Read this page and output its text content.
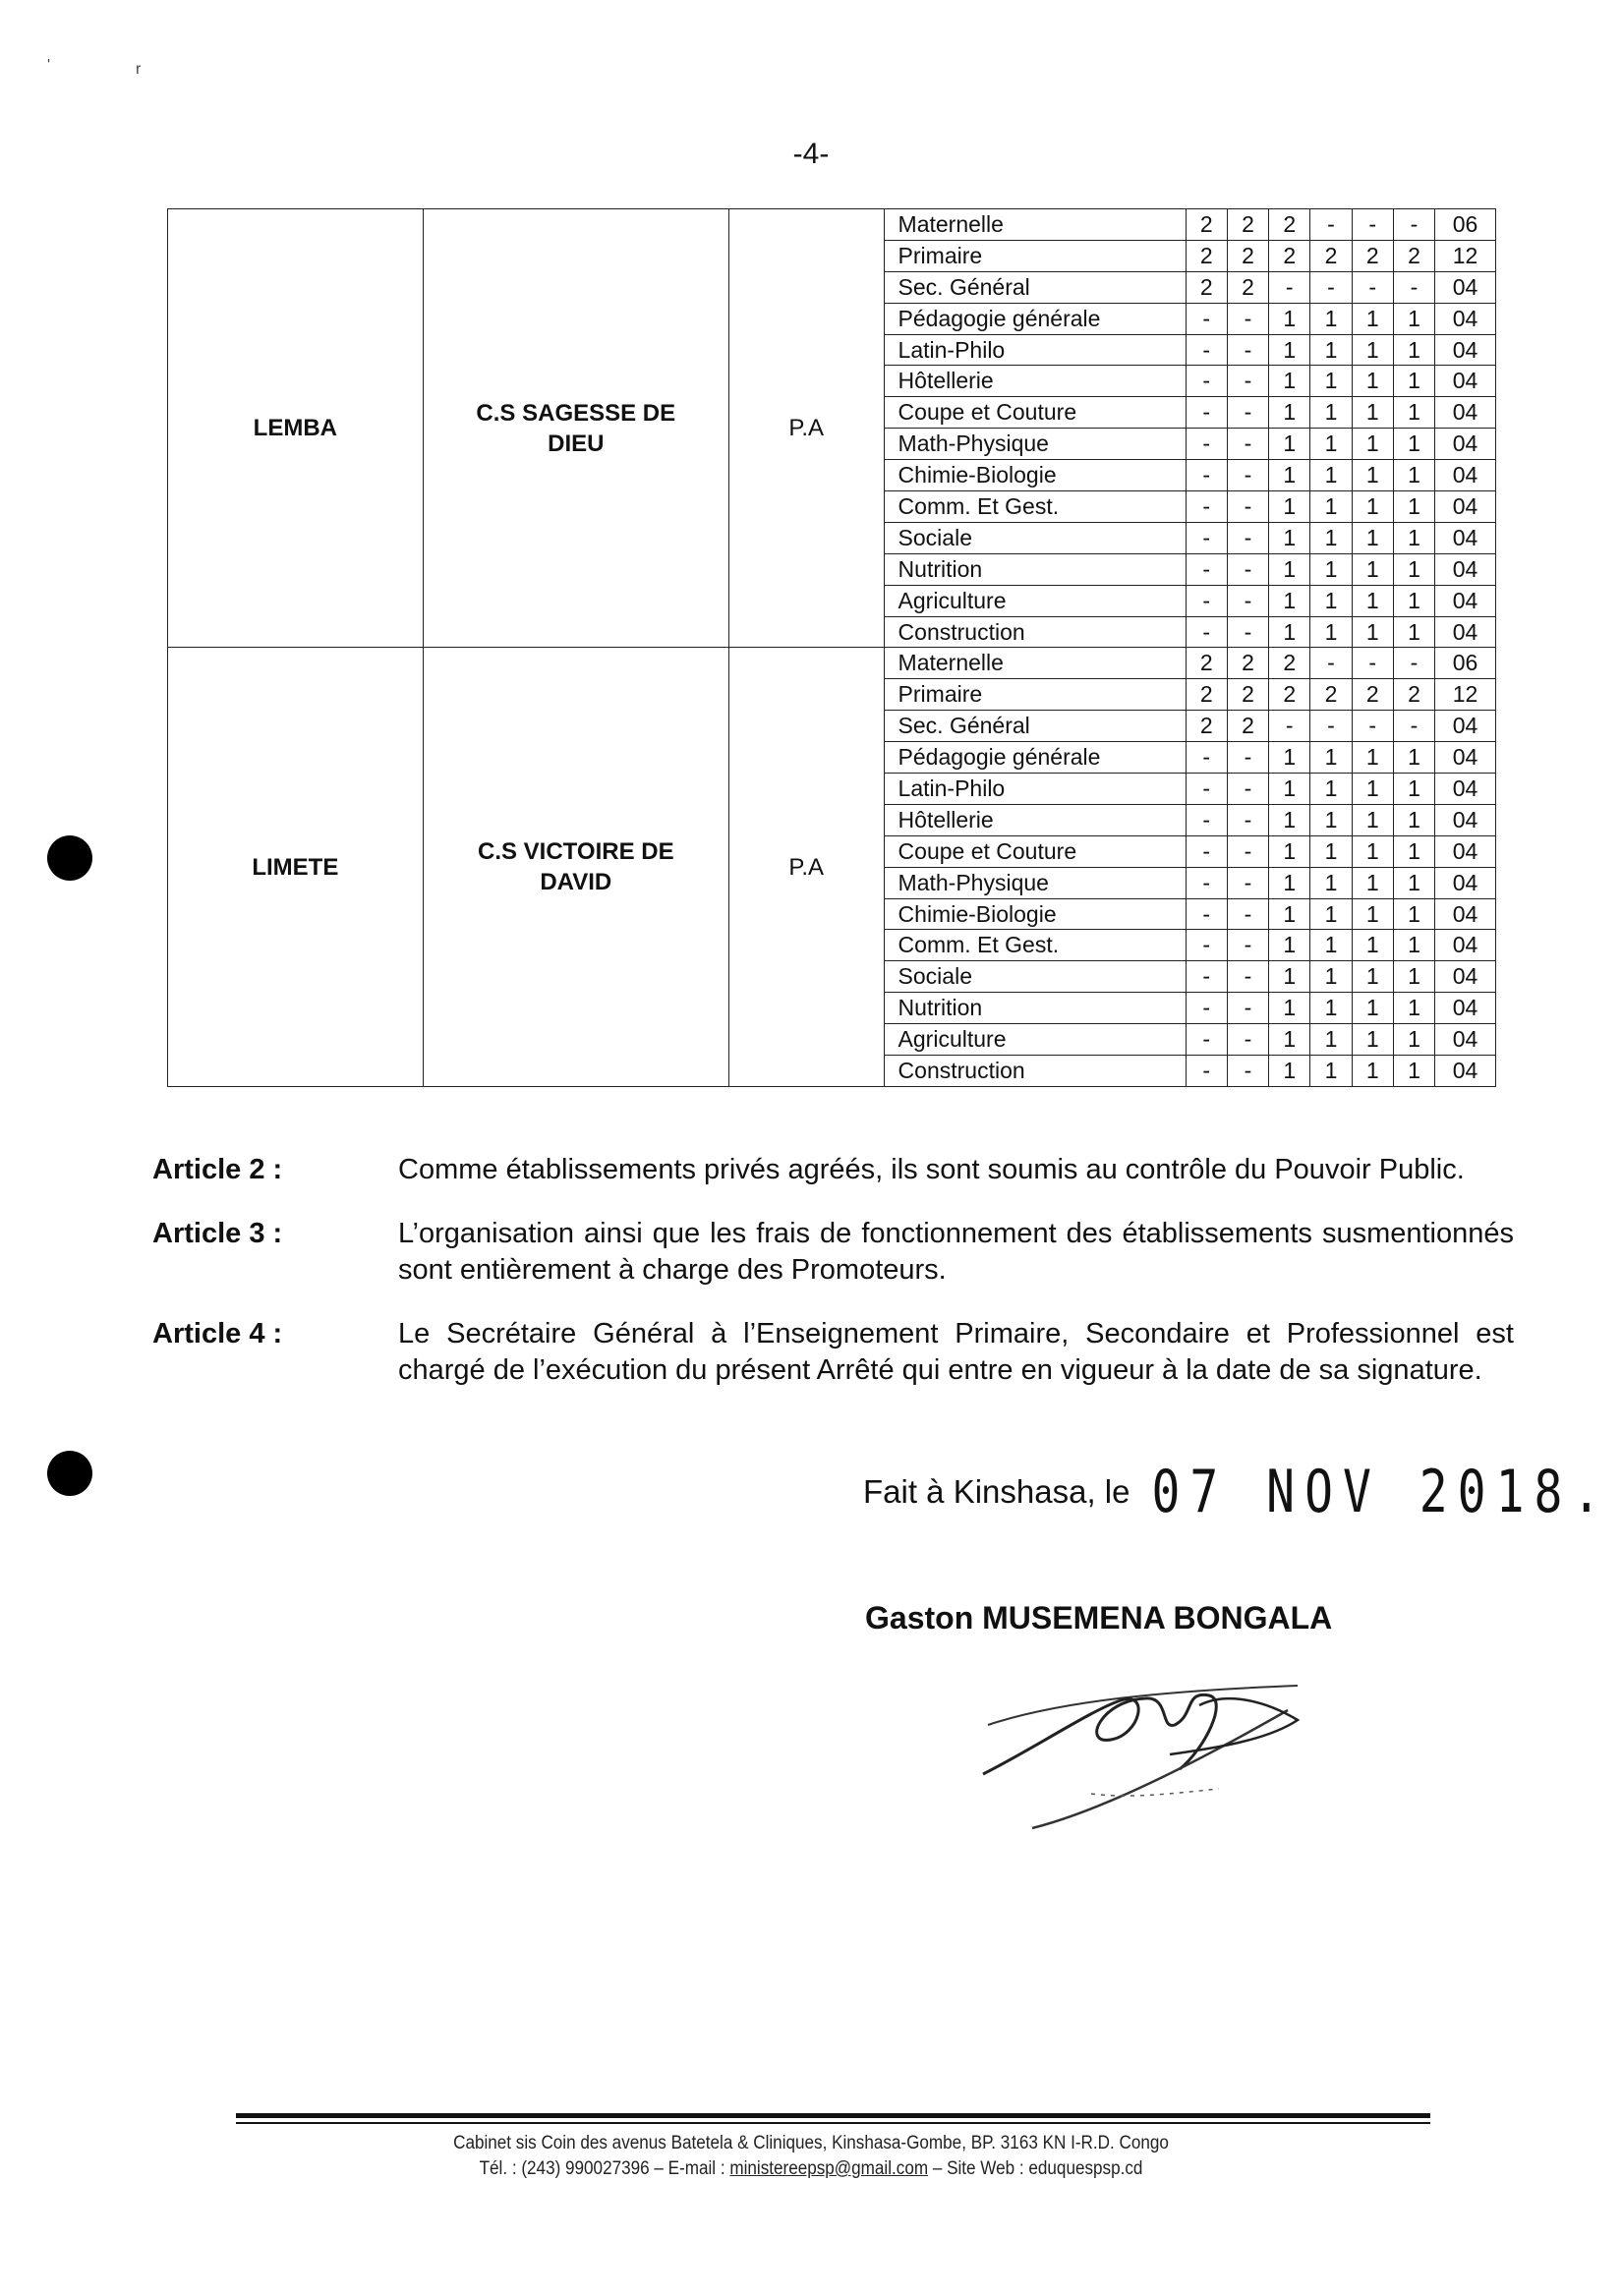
'	r
-4-
LEMBA	C.S SAGESSE DE DIEU	P.A	Maternelle	2	2	2	-	-	-	06
			Primaire	2	2	2	2	2	2	12
			Sec. Général	2	2	-	-	-	-	04
			Pédagogie générale	-	-	1	1	1	1	04
			Latin-Philo	-	-	1	1	1	1	04
			Hôtellerie	-	-	1	1	1	1	04
			Coupe et Couture	-	-	1	1	1	1	04
			Math-Physique	-	-	1	1	1	1	04
			Chimie-Biologie	-	-	1	1	1	1	04
			Comm. Et Gest.	-	-	1	1	1	1	04
			Sociale	-	-	1	1	1	1	04
			Nutrition	-	-	1	1	1	1	04
			Agriculture	-	-	1	1	1	1	04
			Construction	-	-	1	1	1	1	04
LIMETE	C.S VICTOIRE DE DAVID	P.A	Maternelle	2	2	2	-	-	-	06
			Primaire	2	2	2	2	2	2	12
			Sec. Général	2	2	-	-	-	-	04
			Pédagogie générale	-	-	1	1	1	1	04
			Latin-Philo	-	-	1	1	1	1	04
			Hôtellerie	-	-	1	1	1	1	04
			Coupe et Couture	-	-	1	1	1	1	04
			Math-Physique	-	-	1	1	1	1	04
			Chimie-Biologie	-	-	1	1	1	1	04
			Comm. Et Gest.	-	-	1	1	1	1	04
			Sociale	-	-	1	1	1	1	04
			Nutrition	-	-	1	1	1	1	04
			Agriculture	-	-	1	1	1	1	04
			Construction	-	-	1	1	1	1	04
Article 2 :	Comme établissements privés agréés, ils sont soumis au contrôle du Pouvoir Public.
Article 3 :	L’organisation ainsi que les frais de fonctionnement des établissements susmentionnés sont entièrement à charge des Promoteurs.
Article 4 :	Le Secrétaire Général à l’Enseignement Primaire, Secondaire et Professionnel est chargé de l’exécution du présent Arrêté qui entre en vigueur à la date de sa signature.
Fait à Kinshasa, le 07 NOV 2018.
Gaston MUSEMENA BONGALA
Cabinet sis Coin des avenus Batetela & Cliniques, Kinshasa-Gombe, BP. 3163 KN I-R.D. Congo
Tél. : (243) 990027396 – E-mail : ministereepsp@gmail.com – Site Web : eduquespsp.cd
